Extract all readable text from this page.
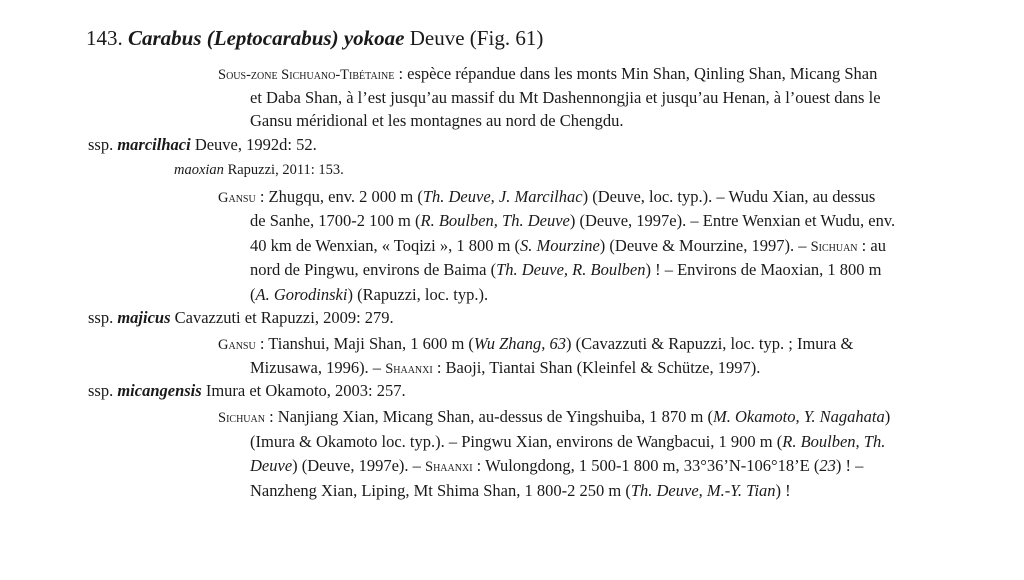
143. Carabus (Leptocarabus) yokoae Deuve (Fig. 61)
Sous-zone Sichuano-Tibétaine : espèce répandue dans les monts Min Shan, Qinling Shan, Micang Shan
et Daba Shan, à l’est jusqu’au massif du Mt Dashennongjia et jusqu’au Henan, à l’ouest dans le
Gansu méridional et les montagnes au nord de Chengdu.
ssp. marcilhaci Deuve, 1992d: 52.
maoxian Rapuzzi, 2011: 153.
Gansu : Zhugqu, env. 2 000 m (Th. Deuve, J. Marcilhac) (Deuve, loc. typ.). – Wudu Xian, au dessus
de Sanhe, 1700-2 100 m (R. Boulben, Th. Deuve) (Deuve, 1997e). – Entre Wenxian et Wudu, env.
40 km de Wenxian, « Toqizi », 1 800 m (S. Mourzine) (Deuve & Mourzine, 1997). – Sichuan : au
nord de Pingwu, environs de Baima (Th. Deuve, R. Boulben) ! – Environs de Maoxian, 1 800 m
(A. Gorodinski) (Rapuzzi, loc. typ.).
ssp. majicus Cavazzuti et Rapuzzi, 2009: 279.
Gansu : Tianshui, Maji Shan, 1 600 m (Wu Zhang, 63) (Cavazzuti & Rapuzzi, loc. typ. ; Imura &
Mizusawa, 1996). – Shaanxi : Baoji, Tiantai Shan (Kleinfel & Schütze, 1997).
ssp. micangensis Imura et Okamoto, 2003: 257.
Sichuan : Nanjiang Xian, Micang Shan, au-dessus de Yingshuiba, 1 870 m (M. Okamoto, Y. Nagahata)
(Imura & Okamoto loc. typ.). – Pingwu Xian, environs de Wangbacui, 1 900 m (R. Boulben, Th.
Deuve) (Deuve, 1997e). – Shaanxi : Wulongdong, 1 500-1 800 m, 33°36’N-106°18’E (23) ! –
Nanzheng Xian, Liping, Mt Shima Shan, 1 800-2 250 m (Th. Deuve, M.-Y. Tian) !
